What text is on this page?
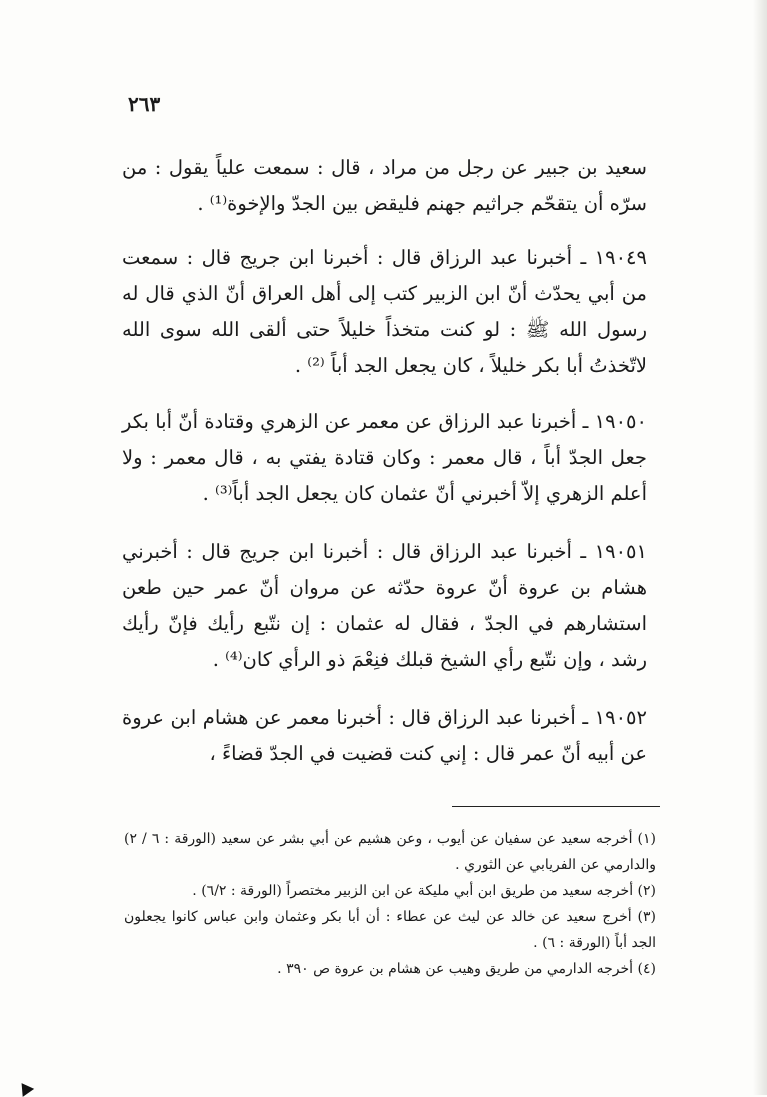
٢٦٣

سعيد بن جبير عن رجل من مراد ، قال : سمعت علياً يقول : من سرّه أن يتقحّم جراثيم جهنم فليقض بين الجدّ والإخوة⁽¹⁾ .

١٩٠٤٩ ـ أخبرنا عبد الرزاق قال : أخبرنا ابن جريج قال : سمعت من أبي يحدّث أنّ ابن الزبير كتب إلى أهل العراق أنّ الذي قال له رسول الله ﷺ : لو كنت متخذاً خليلاً حتى ألقى الله سوى الله لاتّخذتُ أبا بكر خليلاً ، كان يجعل الجد أباً ⁽²⁾ .

١٩٠٥٠ ـ أخبرنا عبد الرزاق عن معمر عن الزهري وقتادة أنّ أبا بكر جعل الجدّ أباً ، قال معمر : وكان قتادة يفتي به ، قال معمر : ولا أعلم الزهري إلاّ أخبرني أنّ عثمان كان يجعل الجد أباً⁽³⁾ .

١٩٠٥١ ـ أخبرنا عبد الرزاق قال : أخبرنا ابن جريج قال : أخبرني هشام بن عروة أنّ عروة حدّثه عن مروان أنّ عمر حين طعن استشارهم في الجدّ ، فقال له عثمان : إن نتّبع رأيك فإنّ رأيك رشد ، وإن نتّبع رأي الشيخ قبلك فنِعْمَ ذو الرأي كان⁽⁴⁾ .

١٩٠٥٢ ـ أخبرنا عبد الرزاق قال : أخبرنا معمر عن هشام ابن عروة عن أبيه أنّ عمر قال : إني كنت قضيت في الجدّ قضاءً ،

(١) أخرجه سعيد عن سفيان عن أيوب ، وعن هشيم عن أبي بشر عن سعيد (الورقة : ٦ / ٢) والدارمي عن الفريابي عن الثوري .

(٢) أخرجه سعيد من طريق ابن أبي مليكة عن ابن الزبير مختصراً (الورقة : ٦/٢) .

(٣) أخرج سعيد عن خالد عن ليث عن عطاء : أن أبا بكر وعثمان وابن عباس كانوا يجعلون الجد أباً (الورقة : ٦) .

(٤) أخرجه الدارمي من طريق وهيب عن هشام بن عروة ص ٣٩٠ .
